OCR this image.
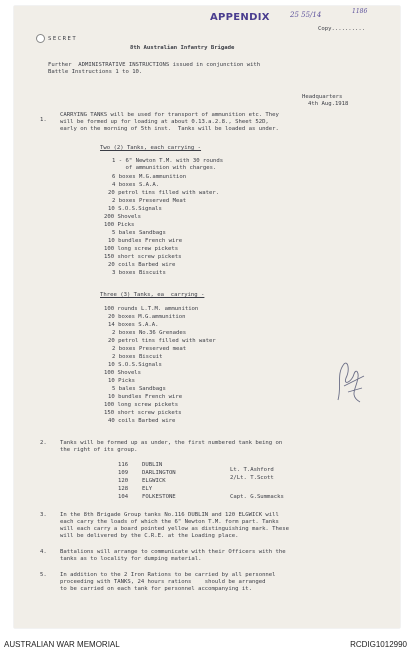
APPENDIX	25 55/14	1186
Copy..........
SECRET
8th Australian Infantry Brigade
Further  ADMINISTRATIVE INSTRUCTIONS issued in conjunction with
Battle Instructions 1 to 10.
Headquarters
4th Aug.1918
1.
CARRYING TANKS will be used for transport of ammunition etc. They
will be formed up for loading at about 0.13.a.2.8., Sheet 52D,
early on the morning of 5th inst.  Tanks will be loaded as under.
Two (2) Tanks, each carrying -
1 - 6" Newton T.M. with 30 rounds
of ammunition with charges.
6 boxes M.G.ammunition
4 boxes S.A.A.
20 petrol tins filled with water.
2 boxes Preserved Meat
10 S.O.S.Signals
200 Shovels
100 Picks
5 bales Sandbags
10 bundles French wire
100 long screw pickets
150 short screw pickets
20 coils Barbed wire
3 boxes Biscuits
Three (3) Tanks, ea  carrying -
100 rounds L.T.M. ammunition
20 boxes M.G.ammunition
14 boxes S.A.A.
2 boxes No.36 Grenades
20 petrol tins filled with water
2 boxes Preserved meat
2 boxes Biscuit
10 S.O.S.Signals
100 Shovels
10 Picks
5 bales Sandbags
10 bundles French wire
100 long screw pickets
150 short screw pickets
40 coils Barbed wire
2. Tanks will be formed up as under, the first numbered tank being on
the right of its group.
116 DUBLIN
109 DARLINGTON	Lt. T.Ashford
120 ELGWICK	2/Lt. T.Scott
128 ELY
104 FOLKESTONE	Capt. G.Summacks
3. In the 8th Brigade Group tanks No.116 DUBLIN and 120 ELGWICK will
each carry the loads of which the 6" Newton T.M. form part. Tanks
will each carry a board pointed yellow as distinguishing mark. These
will be delivered by the C.R.E. at the Loading place.
4. Battalions will arrange to communicate with their Officers with the
tanks as to locality for dumping material.
5. In addition to the 2 Iron Rations to be carried by all personnel
proceeding with TANKS, 24 hours rations    should be arranged
to be carried on each tank for personnel accompanying it.
AUSTRALIAN WAR MEMORIAL	RCDIG1012990
